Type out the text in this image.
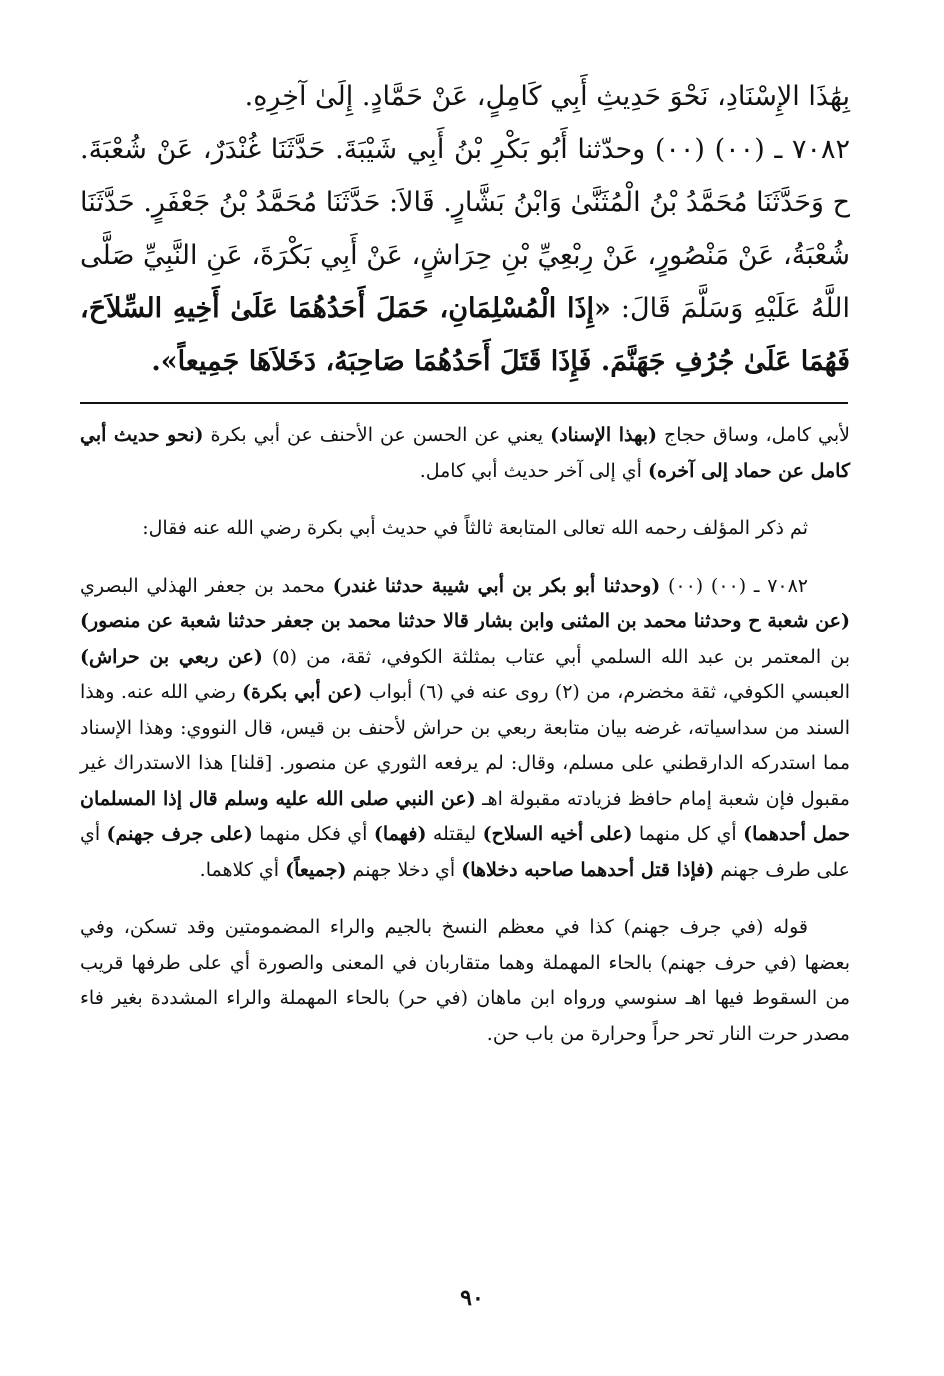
بِهَٰذَا الإِسْنَادِ، نَحْوَ حَدِيثِ أَبِي كَامِلٍ، عَنْ حَمَّادٍ. إِلَىٰ آخِرِهِ.

٧٠٨٢ ـ (٠٠) (٠٠) وحدّثنا أَبُو بَكْرِ بْنُ أَبِي شَيْبَةَ. حَدَّثَنَا غُنْدَرٌ، عَنْ شُعْبَةَ. ح وَحَدَّثَنَا مُحَمَّدُ بْنُ الْمُثَنَّىٰ وَابْنُ بَشَّارٍ. قَالاَ: حَدَّثَنَا مُحَمَّدُ بْنُ جَعْفَرٍ. حَدَّثَنَا شُعْبَةُ، عَنْ مَنْصُورٍ، عَنْ رِبْعِيِّ بْنِ حِرَاشٍ، عَنْ أَبِي بَكْرَةَ، عَنِ النَّبِيِّ صَلَّى اللَّهُ عَلَيْهِ وَسَلَّمَ قَالَ: «إِذَا الْمُسْلِمَانِ، حَمَلَ أَحَدُهُمَا عَلَىٰ أَخِيهِ السِّلاَحَ، فَهُمَا عَلَىٰ جُرُفِ جَهَنَّمَ. فَإِذَا قَتَلَ أَحَدُهُمَا صَاحِبَهُ، دَخَلاَهَا جَمِيعاً».

لأبي كامل، وساق حجاج (بهذا الإسناد) يعني عن الحسن عن الأحنف عن أبي بكرة (نحو حديث أبي كامل عن حماد إلى آخره) أي إلى آخر حديث أبي كامل.

ثم ذكر المؤلف رحمه الله تعالى المتابعة ثالثاً في حديث أبي بكرة رضي الله عنه فقال:

٧٠٨٢ ـ (٠٠) (٠٠) (وحدثنا أبو بكر بن أبي شيبة حدثنا غندر) محمد بن جعفر الهذلي البصري (عن شعبة ح وحدثنا محمد بن المثنى وابن بشار قالا حدثنا محمد بن جعفر حدثنا شعبة عن منصور) بن المعتمر بن عبد الله السلمي أبي عتاب بمثلثة الكوفي، ثقة، من (٥) (عن ربعي بن حراش) العبسي الكوفي، ثقة مخضرم، من (٢) روى عنه في (٦) أبواب (عن أبي بكرة) رضي الله عنه. وهذا السند من سداسياته، غرضه بيان متابعة ربعي بن حراش لأحنف بن قيس، قال النووي: وهذا الإسناد مما استدركه الدارقطني على مسلم، وقال: لم يرفعه الثوري عن منصور. [قلنا] هذا الاستدراك غير مقبول فإن شعبة إمام حافظ فزيادته مقبولة اهـ (عن النبي صلى الله عليه وسلم قال إذا المسلمان حمل أحدهما) أي كل منهما (على أخيه السلاح) ليقتله (فهما) أي فكل منهما (على جرف جهنم) أي على طرف جهنم (فإذا قتل أحدهما صاحبه دخلاها) أي دخلا جهنم (جميعاً) أي كلاهما.

قوله (في جرف جهنم) كذا في معظم النسخ بالجيم والراء المضمومتين وقد تسكن، وفي بعضها (في حرف جهنم) بالحاء المهملة وهما متقاربان في المعنى والصورة أي على طرفها قريب من السقوط فيها اهـ سنوسي ورواه ابن ماهان (في حر) بالحاء المهملة والراء المشددة بغير فاء مصدر حرت النار تحر حراً وحرارة من باب حن.

٩٠
